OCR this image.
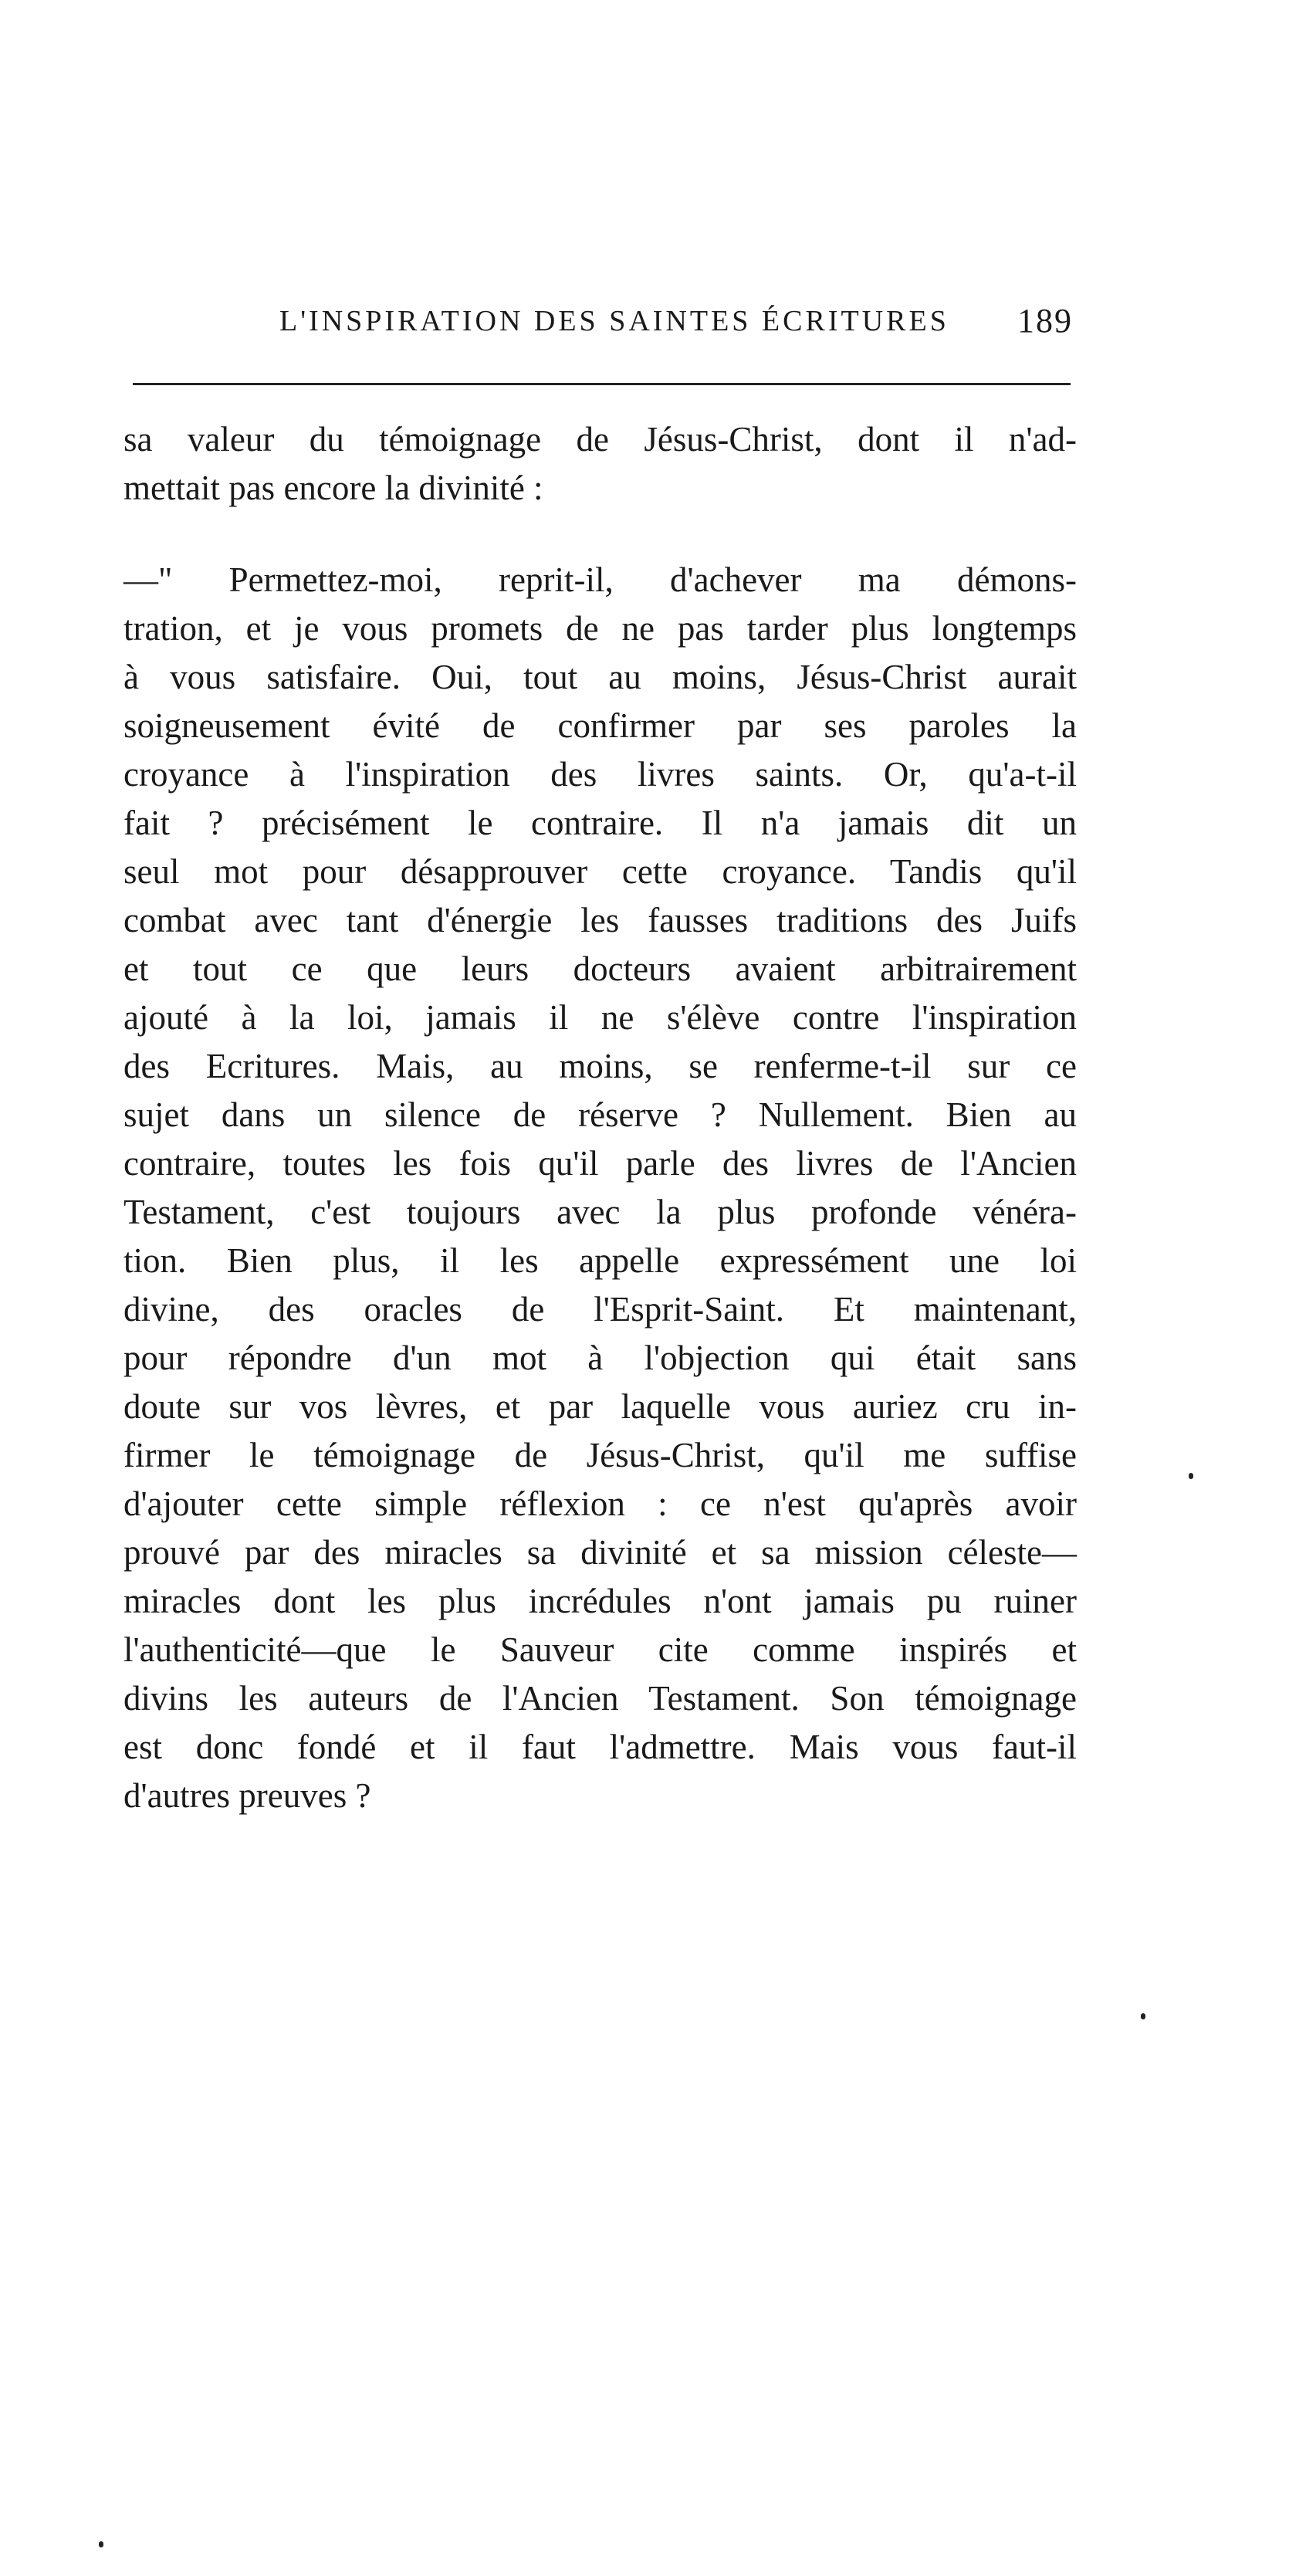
L'INSPIRATION DES SAINTES ÉCRITURES 189

sa valeur du témoignage de Jésus-Christ, dont il n'ad-
mettait pas encore la divinité :

—" Permettez-moi, reprit-il, d'achever ma démons-
tration, et je vous promets de ne pas tarder plus longtemps
à vous satisfaire. Oui, tout au moins, Jésus-Christ aurait
soigneusement évité de confirmer par ses paroles la
croyance à l'inspiration des livres saints. Or, qu'a-t-il
fait ? précisément le contraire. Il n'a jamais dit un
seul mot pour désapprouver cette croyance. Tandis qu'il
combat avec tant d'énergie les fausses traditions des Juifs
et tout ce que leurs docteurs avaient arbitrairement
ajouté à la loi, jamais il ne s'élève contre l'inspiration
des Ecritures. Mais, au moins, se renferme-t-il sur ce
sujet dans un silence de réserve ? Nullement. Bien au
contraire, toutes les fois qu'il parle des livres de l'Ancien
Testament, c'est toujours avec la plus profonde vénéra-
tion. Bien plus, il les appelle expressément une loi
divine, des oracles de l'Esprit-Saint. Et maintenant,
pour répondre d'un mot à l'objection qui était sans
doute sur vos lèvres, et par laquelle vous auriez cru in-
firmer le témoignage de Jésus-Christ, qu'il me suffise
d'ajouter cette simple réflexion : ce n'est qu'après avoir
prouvé par des miracles sa divinité et sa mission céleste—
miracles dont les plus incrédules n'ont jamais pu ruiner
l'authenticité—que le Sauveur cite comme inspirés et
divins les auteurs de l'Ancien Testament. Son témoignage
est donc fondé et il faut l'admettre. Mais vous faut-il
d'autres preuves ?
